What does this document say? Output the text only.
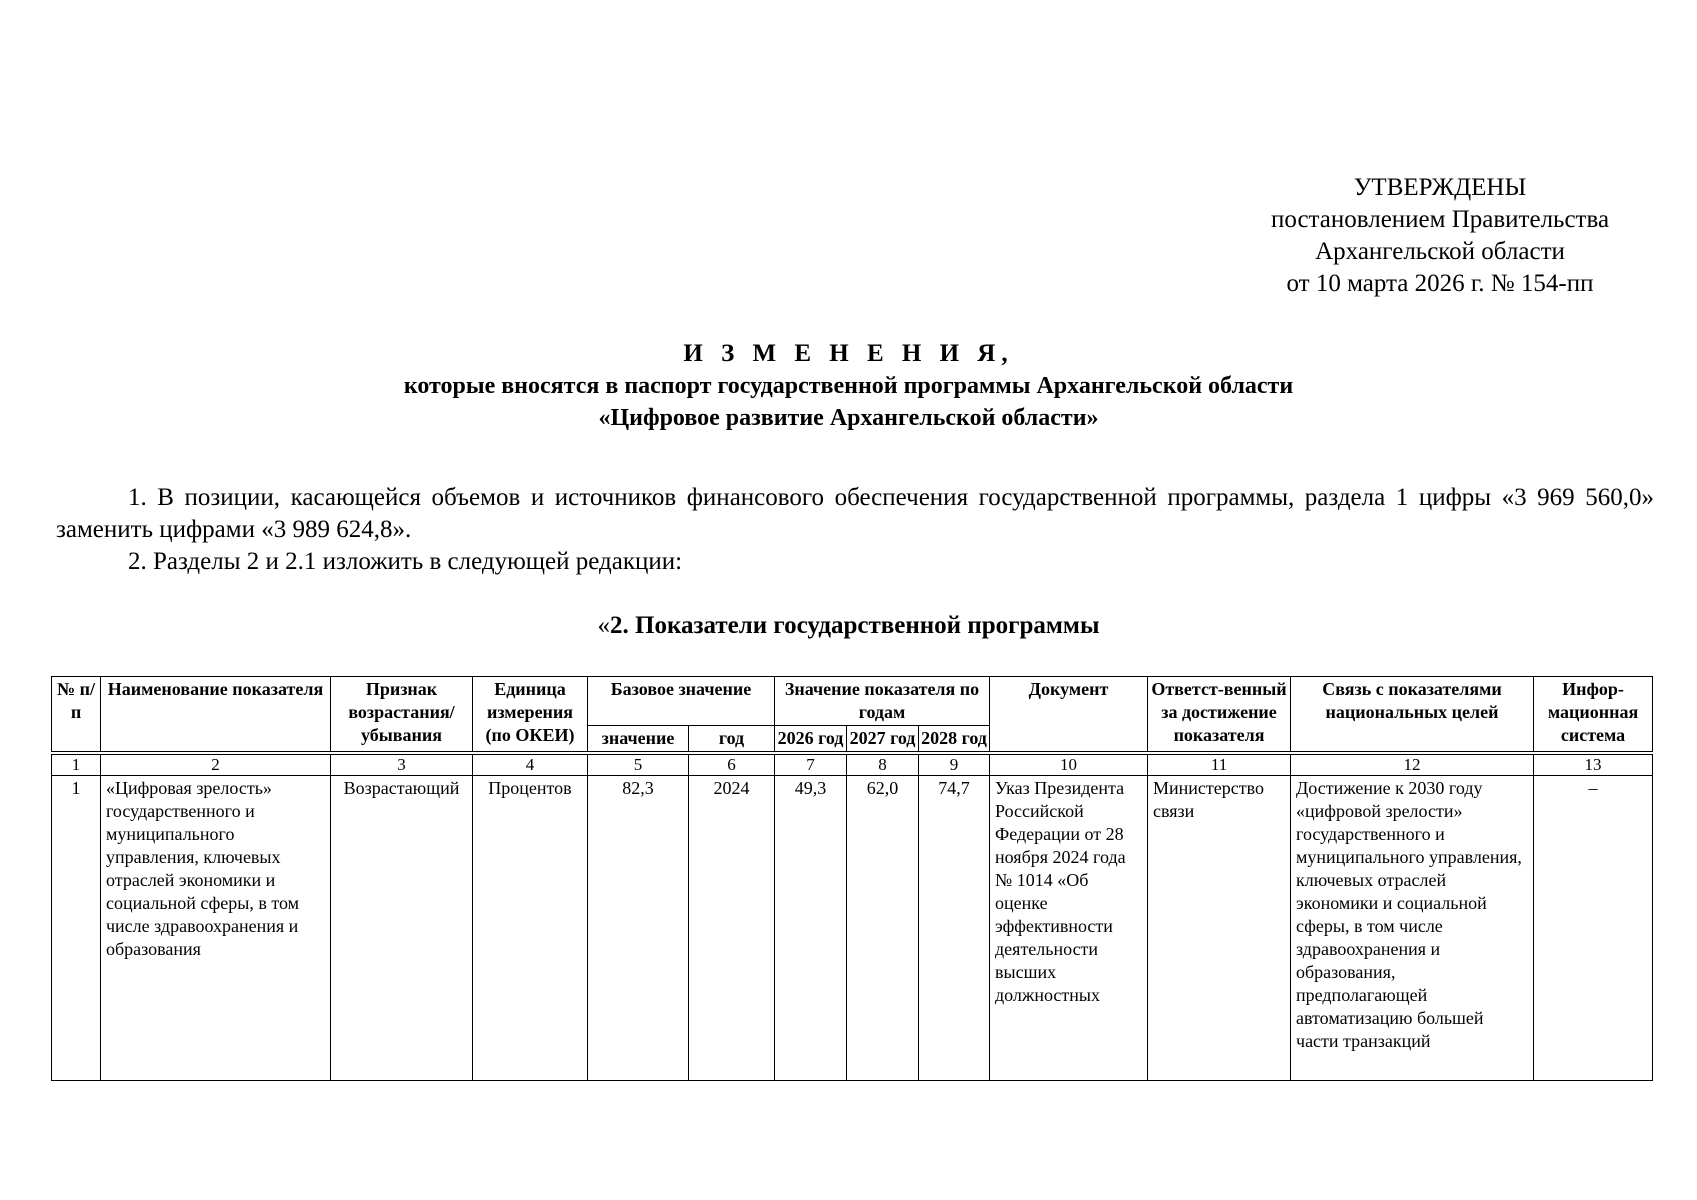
УТВЕРЖДЕНЫ
постановлением Правительства
Архангельской области
от 10 марта 2026 г. № 154-пп
И З М Е Н Е Н И Я,
которые вносятся в паспорт государственной программы Архангельской области
«Цифровое развитие Архангельской области»
1. В позиции, касающейся объемов и источников финансового обеспечения государственной программы, раздела 1 цифры «3 969 560,0» заменить цифрами «3 989 624,8».
2. Разделы 2 и 2.1 изложить в следующей редакции:
«2. Показатели государственной программы
№ п/п	Наименование показателя	Признак возрастания/ убывания	Единица измерения (по ОКЕИ)	Базовое значение		Значение показателя по годам			Документ	Ответст-венный за достижение показателя	Связь с показателями национальных целей	Инфор-мационная система
				значение	год	2026 год	2027 год	2028 год				
1	2	3	4	5	6	7	8	9	10	11	12	13
1	«Цифровая зрелость» государственного и муниципального управления, ключевых отраслей экономики и социальной сферы, в том числе здравоохранения и образования	Возрастающий	Процентов	82,3	2024	49,3	62,0	74,7	Указ Президента Российской Федерации от 28 ноября 2024 года № 1014 «Об оценке эффективности деятельности высших должностных	Министерство связи	Достижение к 2030 году «цифровой зрелости» государственного и муниципального управления, ключевых отраслей экономики и социальной сферы, в том числе здравоохранения и образования, предполагающей автоматизацию большей части транзакций	–
